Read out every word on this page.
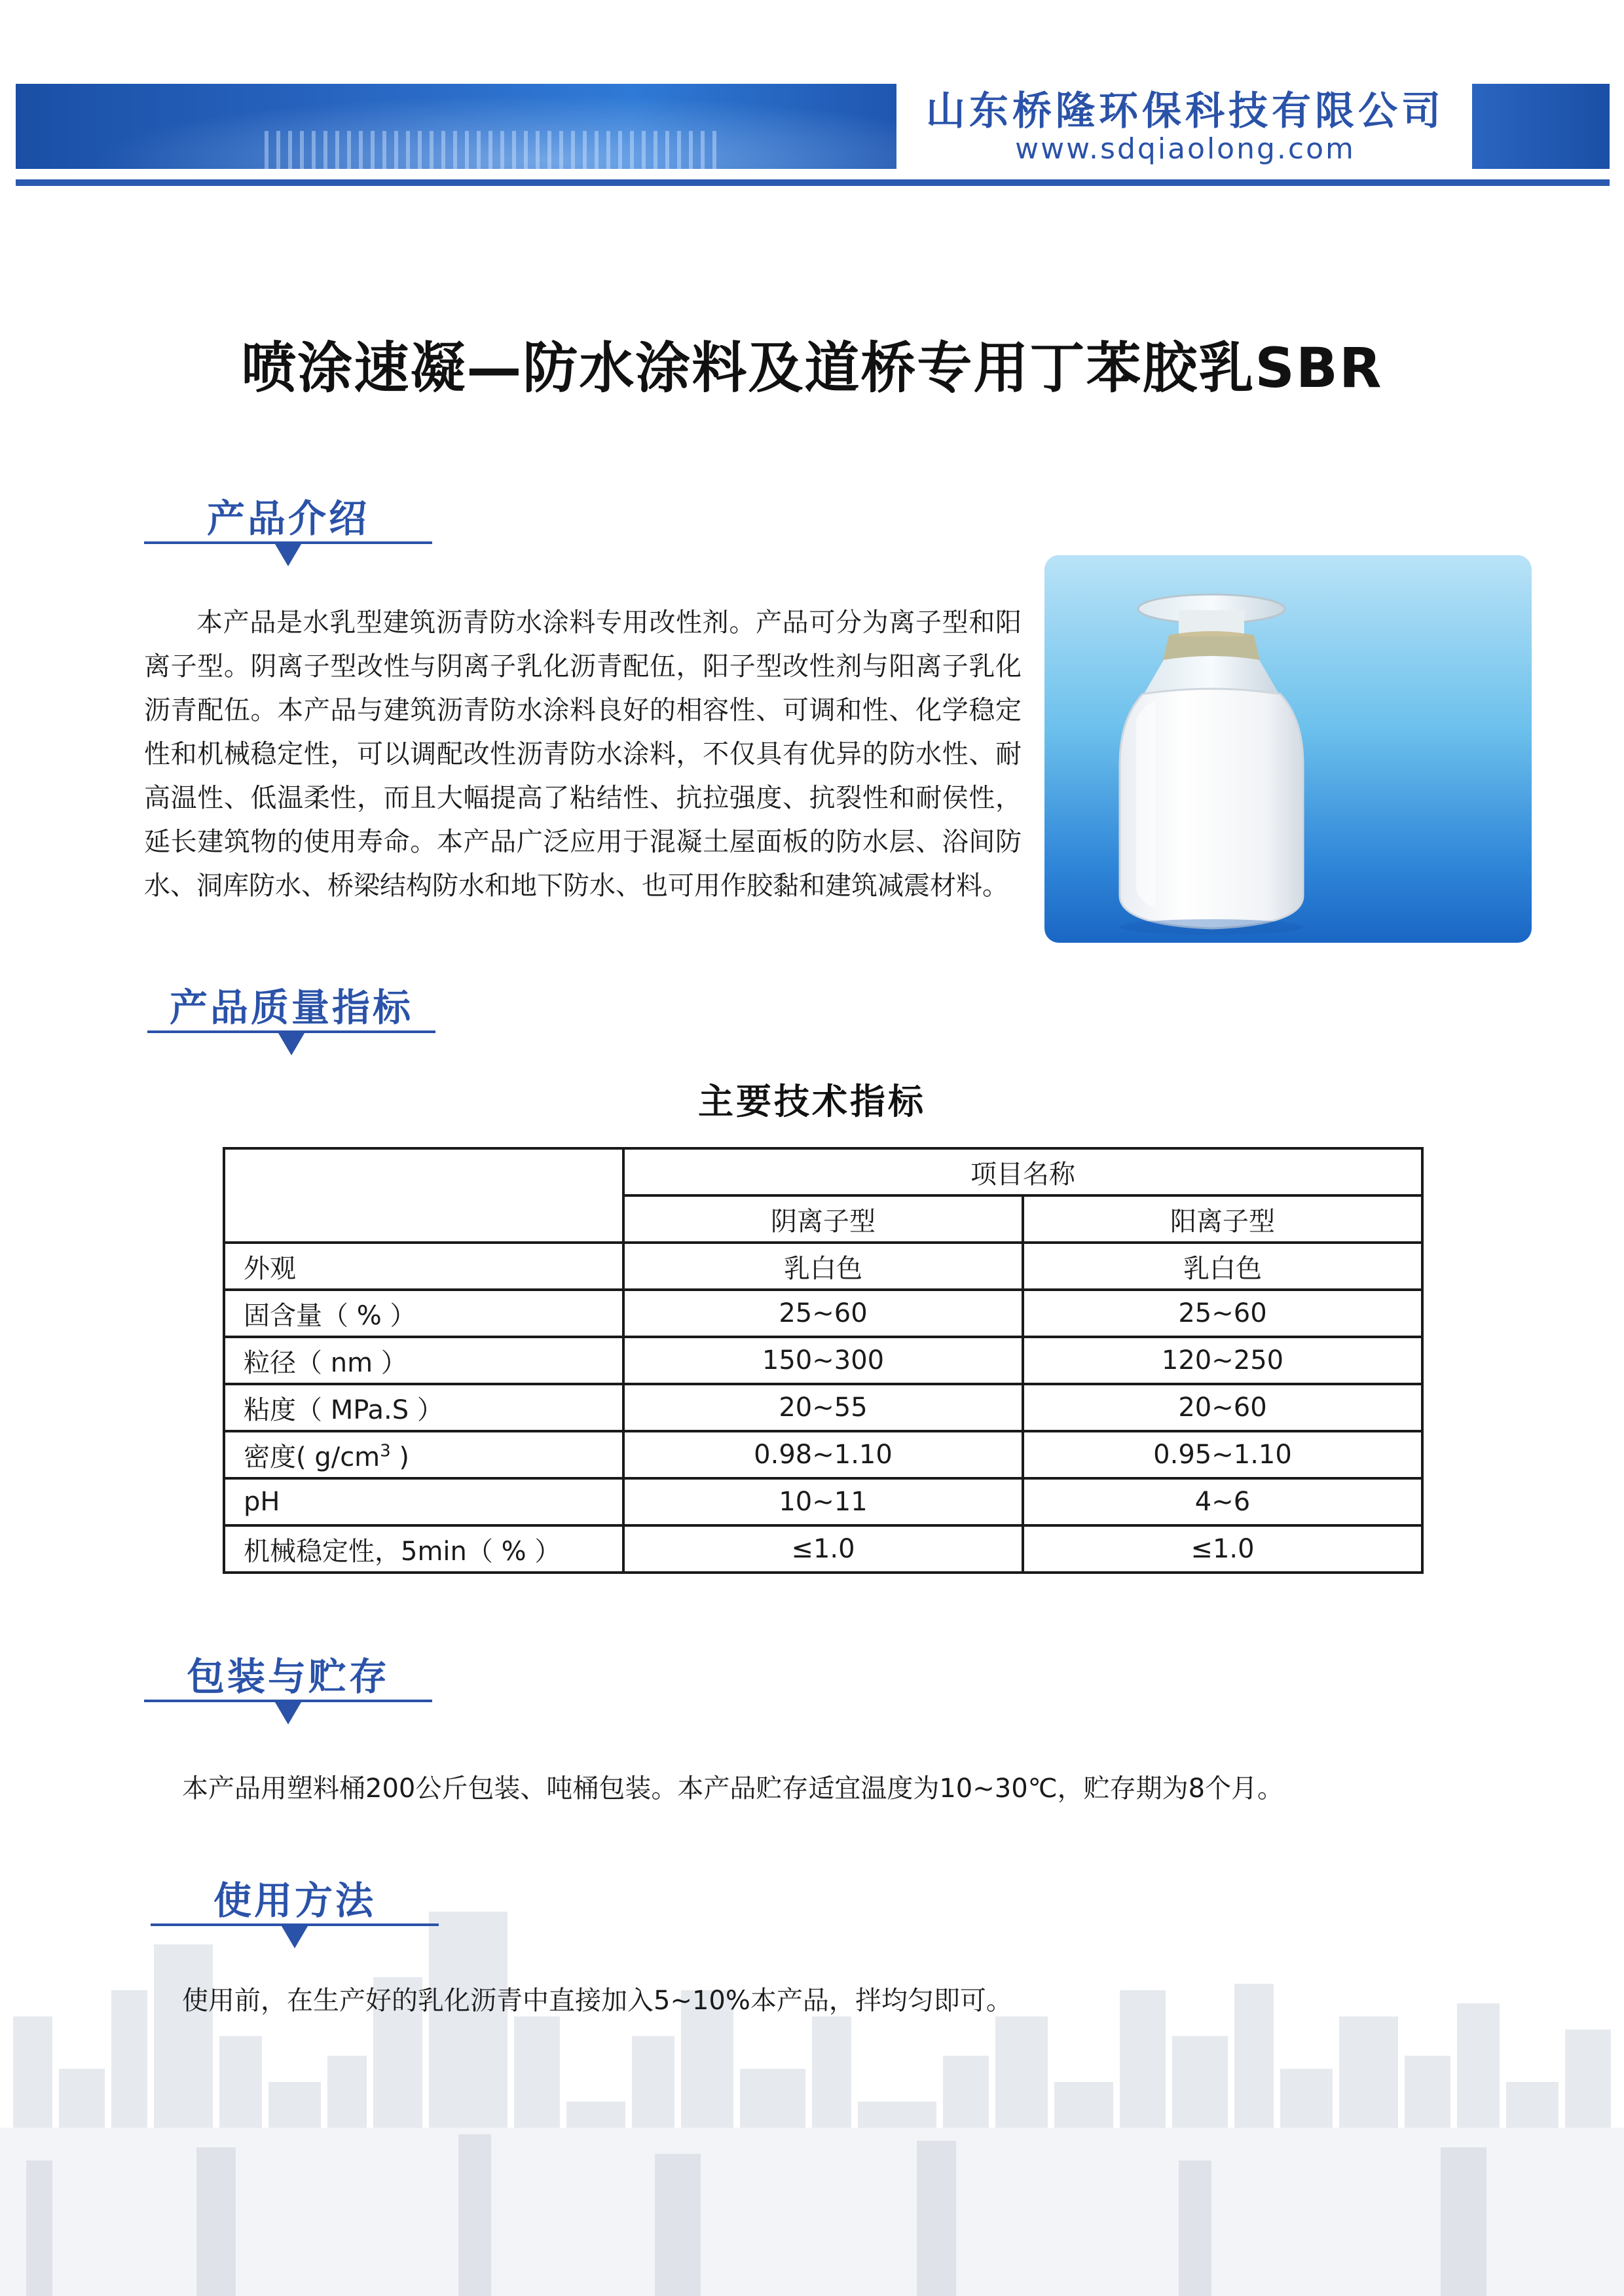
山东桥隆环保科技有限公司
www.sdqiaolong.com
喷涂速凝—防水涂料及道桥专用丁苯胶乳SBR
产品介绍

本产品是水乳型建筑沥青防水涂料专用改性剂。产品可分为离子型和阳离子型。阴离子型改性与阴离子乳化沥青配伍，阳子型改性剂与阳离子乳化沥青配伍。本产品与建筑沥青防水涂料良好的相容性、可调和性、化学稳定性和机械稳定性，可以调配改性沥青防水涂料，不仅具有优异的防水性、耐高温性、低温柔性，而且大幅提高了粘结性、抗拉强度、抗裂性和耐侯性，延长建筑物的使用寿命。本产品广泛应用于混凝土屋面板的防水层、浴间防水、洞库防水、桥梁结构防水和地下防水、也可用作胶黏和建筑减震材料。

产品质量指标
主要技术指标
	项目名称	
	阴离子型	阳离子型
外观	乳白色	乳白色
固含量（ % ）	25~60	25~60
粒径（ nm ）	150~300	120~250
粘度（ MPa.S ）	20~55	20~60
密度( $g/cm^3$ )	0.98~1.10	0.95~1.10
pH	10~11	4~6
机械稳定性，5min（ % ）	≤1.0	≤1.0
包装与贮存

本产品用塑料桶200公斤包装、吨桶包装。本产品贮存适宜温度为10~30℃，贮存期为8个月。

使用方法

使用前，在生产好的乳化沥青中直接加入5~10%本产品，拌均匀即可。
